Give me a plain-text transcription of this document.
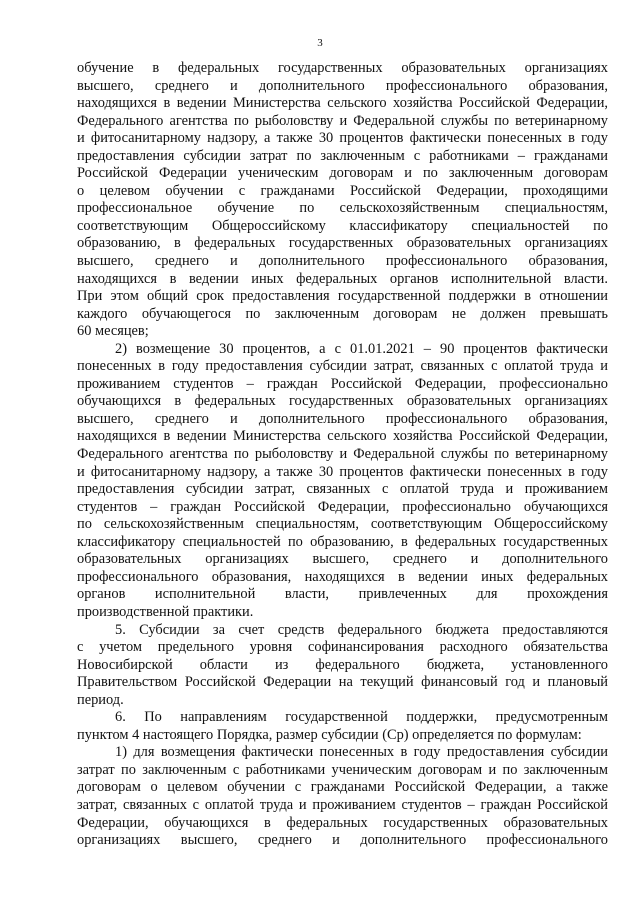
3
обучение в федеральных государственных образовательных организациях
высшего, среднего и дополнительного профессионального образования,
находящихся в ведении Министерства сельского хозяйства Российской Федерации,
Федерального агентства по рыболовству и Федеральной службы по ветеринарному
и фитосанитарному надзору, а также 30 процентов фактически понесенных в году
предоставления субсидии затрат по заключенным с работниками – гражданами
Российской Федерации ученическим договорам и по заключенным договорам
о целевом обучении с гражданами Российской Федерации, проходящими
профессиональное обучение по сельскохозяйственным специальностям,
соответствующим Общероссийскому классификатору специальностей по
образованию, в федеральных государственных образовательных организациях
высшего, среднего и дополнительного профессионального образования,
находящихся в ведении иных федеральных органов исполнительной власти.
При этом общий срок предоставления государственной поддержки в отношении
каждого обучающегося по заключенным договорам не должен превышать
60 месяцев;
2) возмещение 30 процентов, а с 01.01.2021 – 90 процентов фактически
понесенных в году предоставления субсидии затрат, связанных с оплатой труда и
проживанием студентов – граждан Российской Федерации, профессионально
обучающихся в федеральных государственных образовательных организациях
высшего, среднего и дополнительного профессионального образования,
находящихся в ведении Министерства сельского хозяйства Российской Федерации,
Федерального агентства по рыболовству и Федеральной службы по ветеринарному
и фитосанитарному надзору, а также 30 процентов фактически понесенных в году
предоставления субсидии затрат, связанных с оплатой труда и проживанием
студентов – граждан Российской Федерации, профессионально обучающихся
по сельскохозяйственным специальностям, соответствующим Общероссийскому
классификатору специальностей по образованию, в федеральных государственных
образовательных организациях высшего, среднего и дополнительного
профессионального образования, находящихся в ведении иных федеральных
органов исполнительной власти, привлеченных для прохождения
производственной практики.
5. Субсидии за счет средств федерального бюджета предоставляются
с учетом предельного уровня софинансирования расходного обязательства
Новосибирской области из федерального бюджета, установленного
Правительством Российской Федерации на текущий финансовый год и плановый
период.
6. По направлениям государственной поддержки, предусмотренным
пунктом 4 настоящего Порядка, размер субсидии (Ср) определяется по формулам:
1) для возмещения фактически понесенных в году предоставления субсидии
затрат по заключенным с работниками ученическим договорам и по заключенным
договорам о целевом обучении с гражданами Российской Федерации, а также
затрат, связанных с оплатой труда и проживанием студентов – граждан Российской
Федерации, обучающихся в федеральных государственных образовательных
организациях высшего, среднего и дополнительного профессионального
